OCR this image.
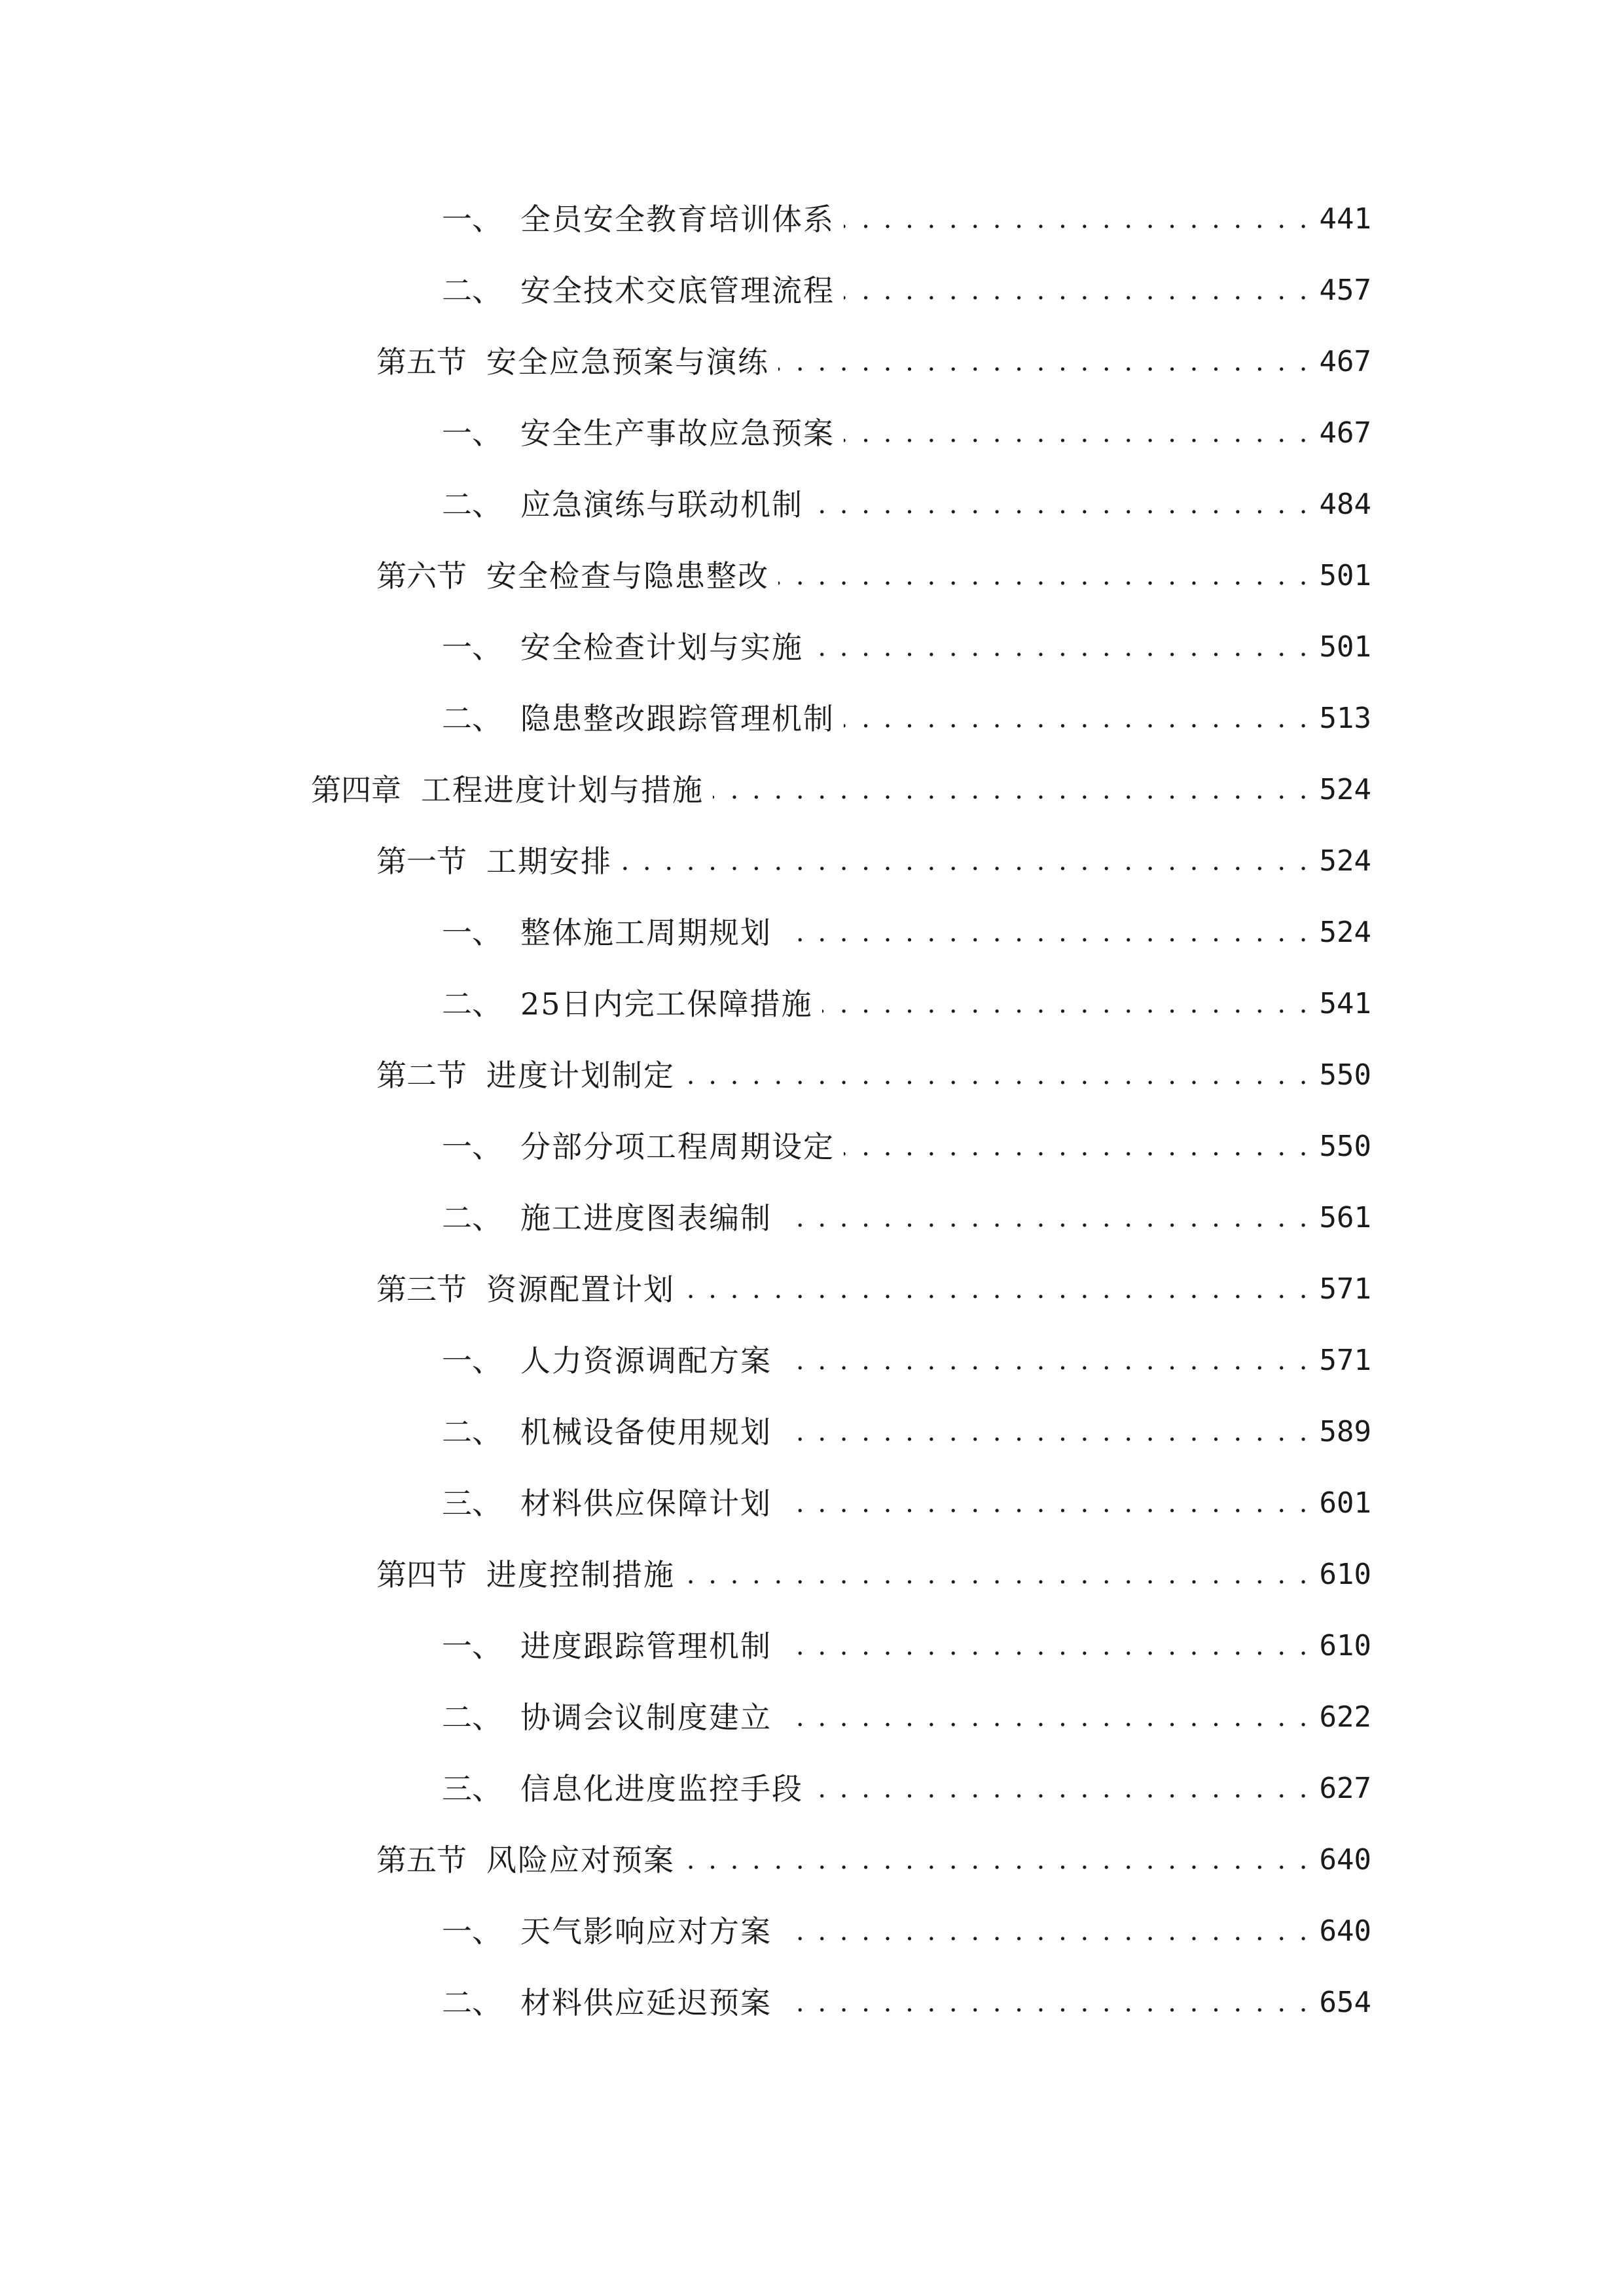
一、 全员安全教育培训体系 . . .	441
二、 安全技术交底管理流程 . . .	457
第五节 安全应急预案与演练 . . .	467
一、 安全生产事故应急预案 . . .	467
二、 应急演练与联动机制 . . .	484
第六节 安全检查与隐患整改 . . .	501
一、 安全检查计划与实施 . . .	501
二、 隐患整改跟踪管理机制 . . .	513
第四章 工程进度计划与措施 . . .	524
第一节 工期安排 . . .	524
一、 整体施工周期规划 . . .	524
二、 25日内完工保障措施 . . .	541
第二节 进度计划制定 . . .	550
一、 分部分项工程周期设定 . . .	550
二、 施工进度图表编制 . . .	561
第三节 资源配置计划 . . .	571
一、 人力资源调配方案 . . .	571
二、 机械设备使用规划 . . .	589
三、 材料供应保障计划 . . .	601
第四节 进度控制措施 . . .	610
一、 进度跟踪管理机制 . . .	610
二、 协调会议制度建立 . . .	622
三、 信息化进度监控手段 . . .	627
第五节 风险应对预案 . . .	640
一、 天气影响应对方案 . . .	640
二、 材料供应延迟预案 . . .	654
